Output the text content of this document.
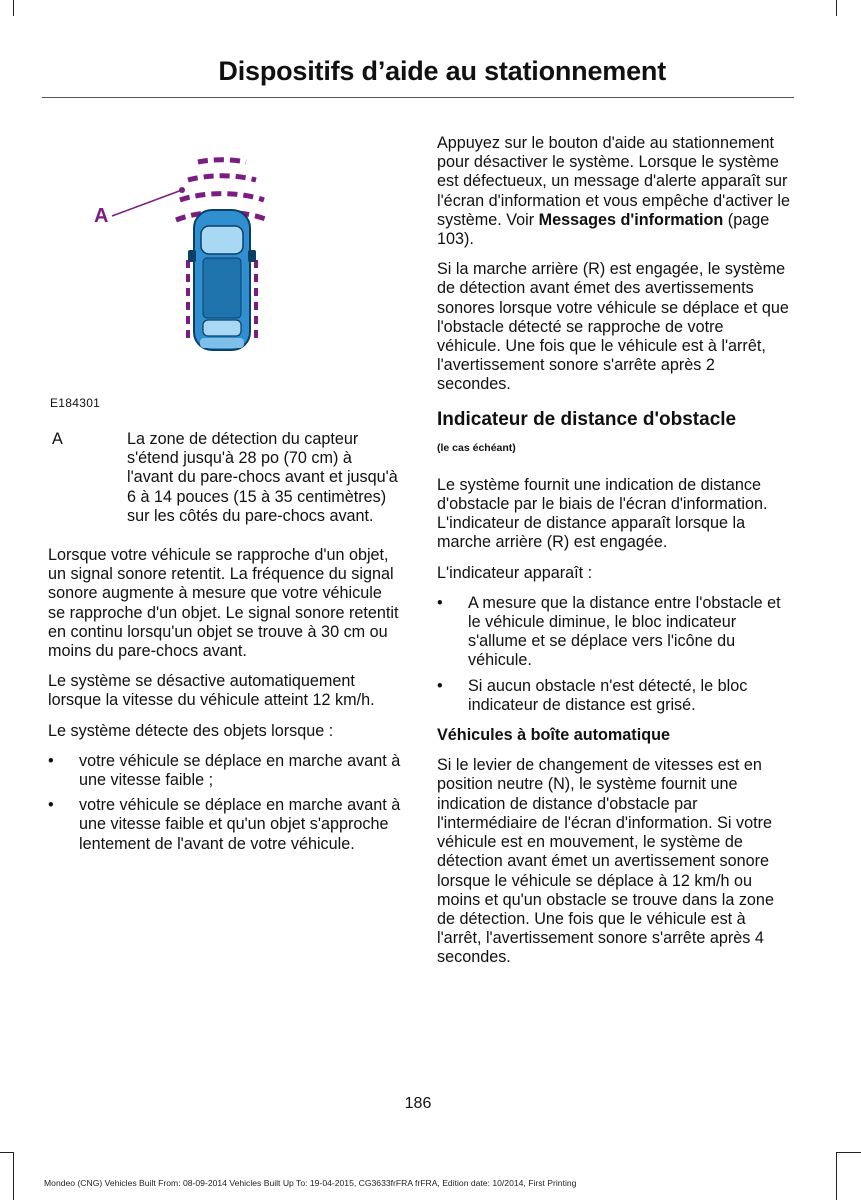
Dispositifs d’aide au stationnement
A
E184301
A	La zone de détection du capteur s'étend jusqu'à 28 po (70 cm) à l'avant du pare-chocs avant et jusqu'à 6 à 14 pouces (15 à 35 centimètres) sur les côtés du pare-chocs avant.

Lorsque votre véhicule se rapproche d'un objet, un signal sonore retentit. La fréquence du signal sonore augmente à mesure que votre véhicule se rapproche d'un objet. Le signal sonore retentit en continu lorsqu'un objet se trouve à 30 cm ou moins du pare-chocs avant.

Le système se désactive automatiquement lorsque la vitesse du véhicule atteint 12 km/h.

Le système détecte des objets lorsque :

• votre véhicule se déplace en marche avant à une vitesse faible ;
• votre véhicule se déplace en marche avant à une vitesse faible et qu'un objet s'approche lentement de l'avant de votre véhicule.

Appuyez sur le bouton d'aide au stationnement pour désactiver le système. Lorsque le système est défectueux, un message d'alerte apparaît sur l'écran d'information et vous empêche d'activer le système. Voir Messages d'information (page 103).

Si la marche arrière (R) est engagée, le système de détection avant émet des avertissements sonores lorsque votre véhicule se déplace et que l'obstacle détecté se rapproche de votre véhicule. Une fois que le véhicule est à l'arrêt, l'avertissement sonore s'arrête après 2 secondes.

Indicateur de distance d'obstacle
(le cas échéant)

Le système fournit une indication de distance d'obstacle par le biais de l'écran d'information. L'indicateur de distance apparaît lorsque la marche arrière (R) est engagée.

L'indicateur apparaît :

• A mesure que la distance entre l'obstacle et le véhicule diminue, le bloc indicateur s'allume et se déplace vers l'icône du véhicule.
• Si aucun obstacle n'est détecté, le bloc indicateur de distance est grisé.
Véhicules à boîte automatique

Si le levier de changement de vitesses est en position neutre (N), le système fournit une indication de distance d'obstacle par l'intermédiaire de l'écran d'information. Si votre véhicule est en mouvement, le système de détection avant émet un avertissement sonore lorsque le véhicule se déplace à 12 km/h ou moins et qu'un obstacle se trouve dans la zone de détection. Une fois que le véhicule est à l'arrêt, l'avertissement sonore s'arrête après 4 secondes.

186
Mondeo (CNG) Vehicles Built From: 08-09-2014 Vehicles Built Up To: 19-04-2015, CG3633frFRA frFRA, Edition date: 10/2014, First Printing
